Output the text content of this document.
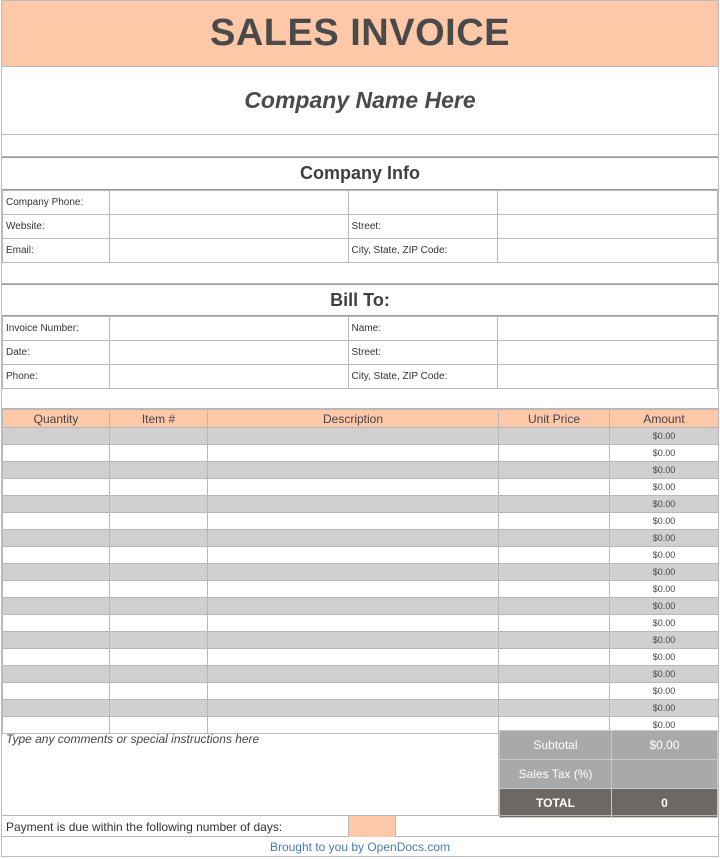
SALES INVOICE
Company Name Here
Company Info
Company Phone:			
Website:		Street:	
Email:		City, State, ZIP Code:	
Bill To:
Invoice Number:		Name:	
Date:		Street:	
Phone:		City, State, ZIP Code:	
Quantity	Item #	Description	Unit Price	Amount
				$0.00
				$0.00
				$0.00
				$0.00
				$0.00
				$0.00
				$0.00
				$0.00
				$0.00
				$0.00
				$0.00
				$0.00
				$0.00
				$0.00
				$0.00
				$0.00
				$0.00
				$0.00
Type any comments or special instructions here	Subtotal	$0.00
Sales Tax (%)	
TOTAL	0
Payment is due within the following number of days:
Brought to you by OpenDocs.com
